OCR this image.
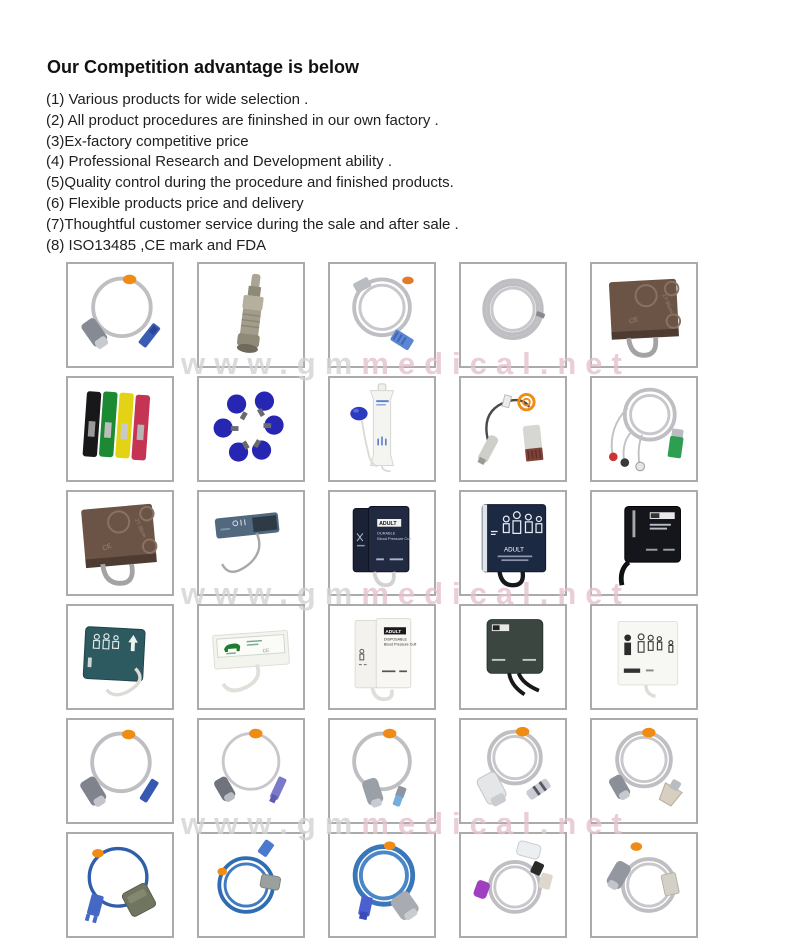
Our Competition advantage is below
(1) Various products for wide selection .
(2) All product procedures are fininshed in our own factory .
(3)Ex-factory competitive price
(4) Professional Research and Development ability .
(5)Quality control during the procedure and finished products.
(6) Flexible products price and delivery
(7)Thoughtful customer service during the sale and after sale .
(8) ISO13485 ,CE mark and FDA
27-35cm
CE
27-35cm
CE
ADULT
DURABLE
Blood Pressure Cuff
ADULT
CE
ADULT
DISPOSABLE
Blood Pressure Cuff
www.gmmedical.net
www.gmmedical.net
www.gmmedical.net
